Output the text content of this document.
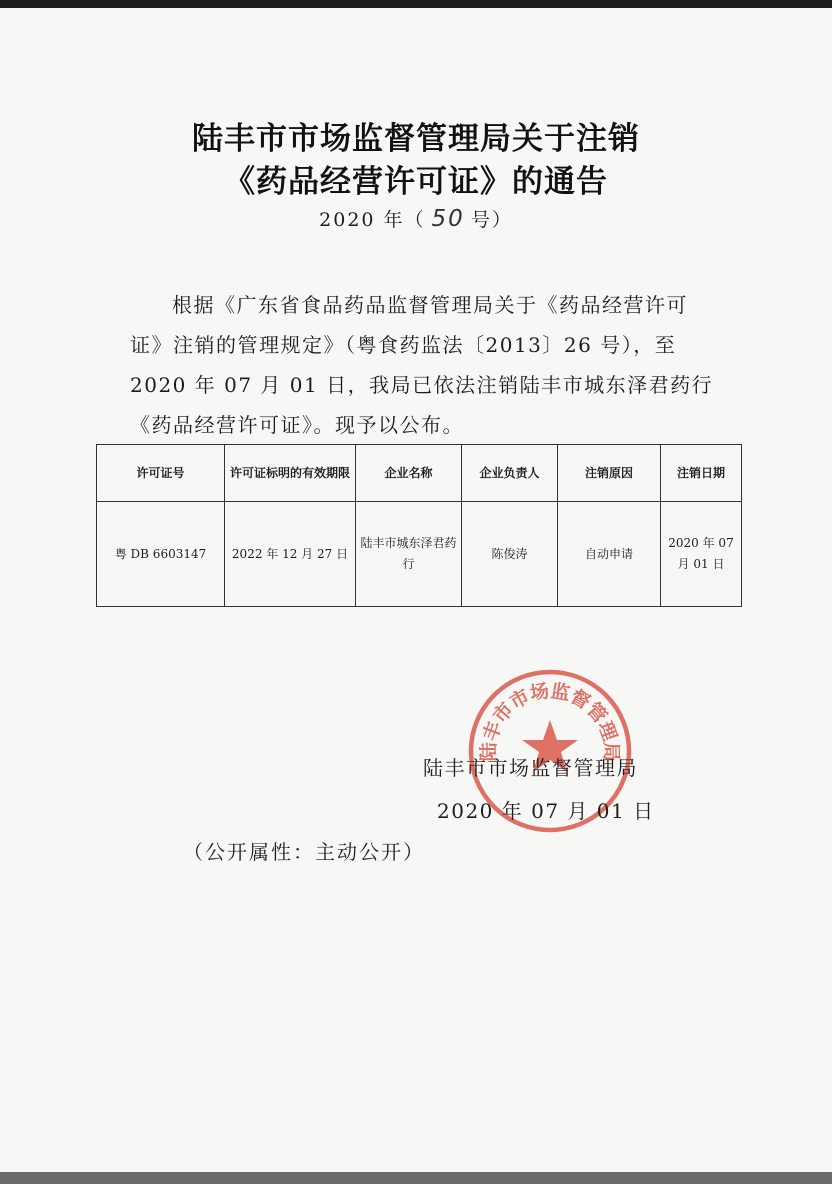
陆丰市市场监督管理局关于注销
《药品经营许可证》的通告
2020 年（ 50 号）
根据《广东省食品药品监督管理局关于《药品经营许可证》注销的管理规定》（粤食药监法〔2013〕26 号），至 2020 年 07 月 01 日，我局已依法注销陆丰市城东泽君药行《药品经营许可证》。现予以公布。
许可证号	许可证标明的有效期限	企业名称	企业负责人	注销原因	注销日期
粤 DB 6603147	2022 年 12 月 27 日	陆丰市城东泽君药行	陈俊涛	自动申请	2020 年 07 月 01 日
陆丰市市场监督管理局
陆丰市市场监督管理局
2020 年 07 月 01 日
（公开属性：主动公开）
